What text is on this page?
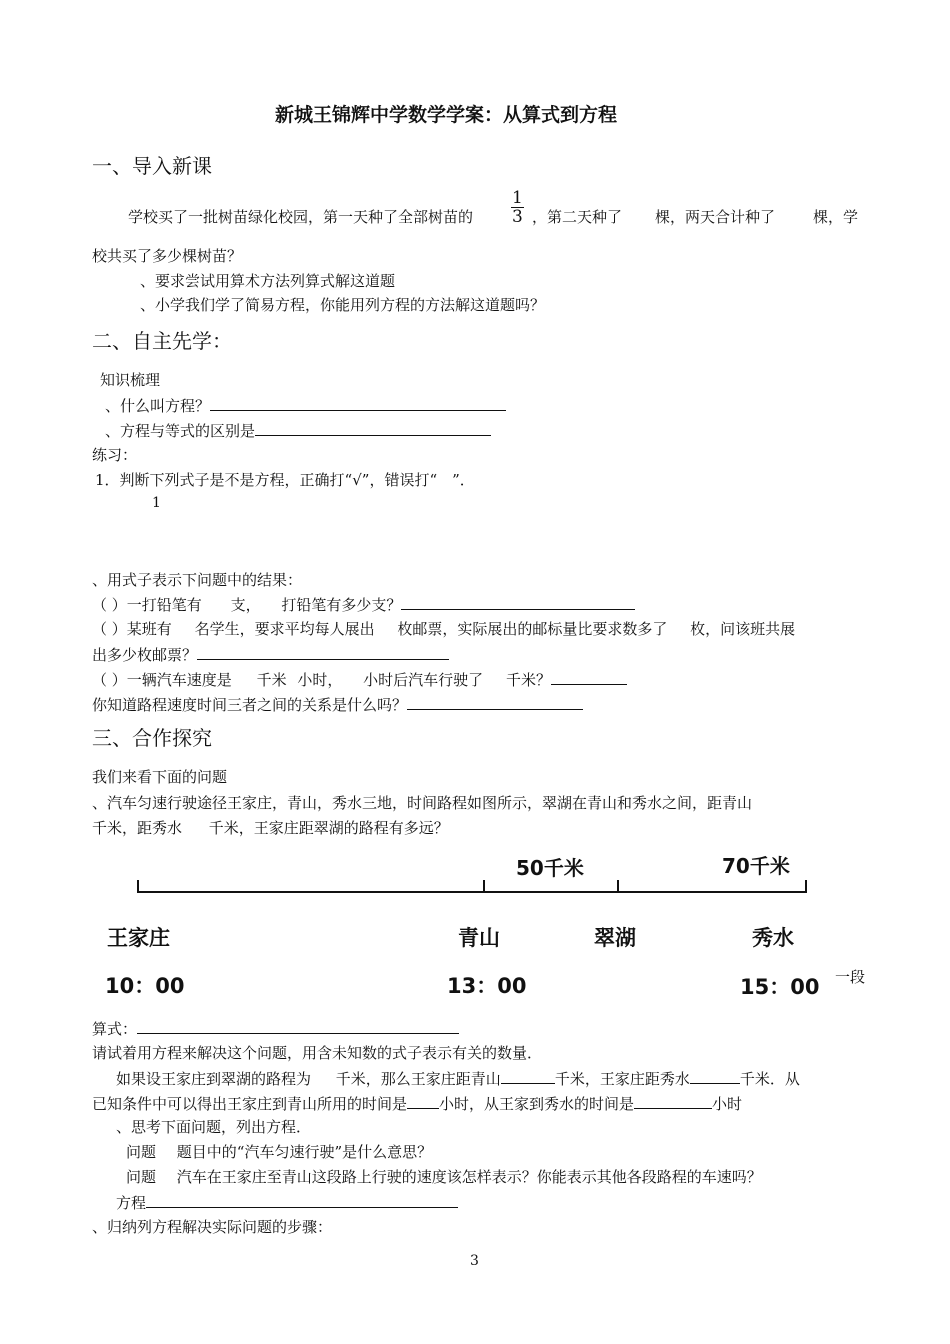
新城王锦辉中学数学学案：从算式到方程
一、导入新课
学校买了一批树苗绿化校园，第一天种了全部树苗的 $\frac{1}{3}$ ，第二天种了 棵，两天合计种了	棵，学
校共买了多少棵树苗？
、要求尝试用算术方法列算式解这道题
、小学我们学了简易方程，你能用列方程的方法解这道题吗？
二、自主先学：
知识梳理
、什么叫方程？
、方程与等式的区别是
练习：
1．判断下列式子是不是方程，正确打“√”，错误打“　”．
1
、用式子表示下问题中的结果：
（ ）一打铅笔有 支， 打铅笔有多少支？
（ ）某班有 名学生，要求平均每人展出 枚邮票，实际展出的邮标量比要求数多了 枚，问该班共展
出多少枚邮票？
（ ）一辆汽车速度是 千米 小时， 小时后汽车行驶了 千米？
你知道路程速度时间三者之间的关系是什么吗？
三、合作探究
我们来看下面的问题
、汽车匀速行驶途径王家庄，青山，秀水三地，时间路程如图所示，翠湖在青山和秀水之间，距青山
千米，距秀水 千米，王家庄距翠湖的路程有多远？
50千米	70千米
王家庄	青山	翠湖	秀水
10：00	13：00	15：00 一段
算式：
请试着用方程来解决这个问题，用含未知数的式子表示有关的数量．
如果设王家庄到翠湖的路程为 千米，那么王家庄距青山	千米，王家庄距秀水	千米．从
已知条件中可以得出王家庄到青山所用的时间是 小时，从王家到秀水的时间是	小时
、思考下面问题，列出方程．
问题 题目中的“汽车匀速行驶”是什么意思？
问题 汽车在王家庄至青山这段路上行驶的速度该怎样表示？你能表示其他各段路程的车速吗？
方程
、归纳列方程解决实际问题的步骤：
3
